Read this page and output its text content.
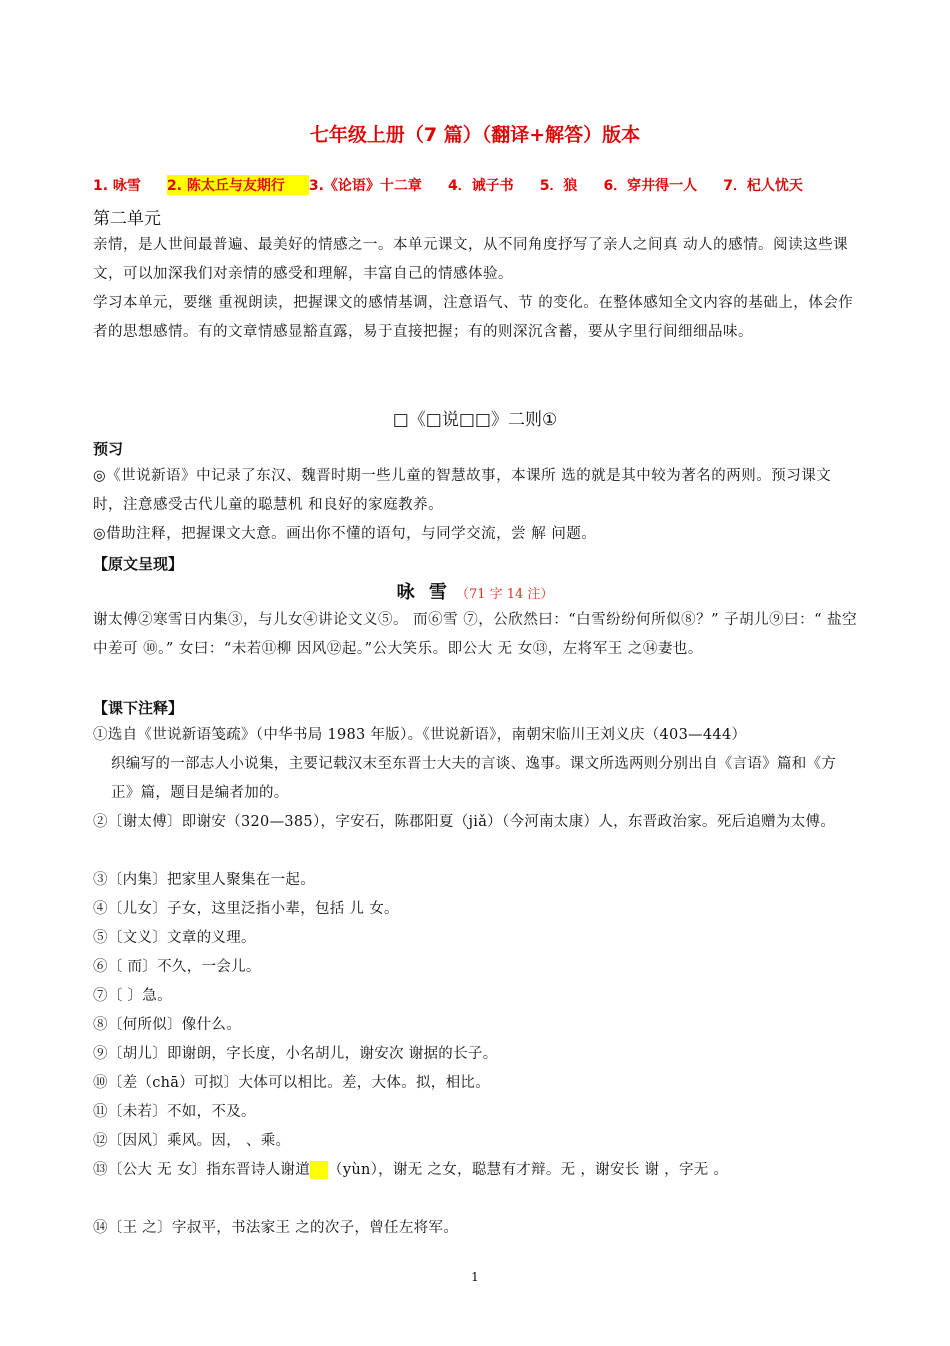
七年级上册（7 篇）（翻译+解答）版本
1. 咏雪 2. 陈太丘与友期行	3.《论语》十二章 4．诫子书 5．狼 6．穿井得一人 7．杞人忧天
第二单元
亲情，是人世间最普遍、最美好的情感之一。本单元课文，从不同角度抒写了亲人之间真 动人的感情。阅读这些课文，可以加深我们对亲情的感受和理解，丰富自己的情感体验。
学习本单元，要继 重视朗读，把握课文的感情基调，注意语气、节 的变化。在整体感知全文内容的基础上，体会作者的思想感情。有的文章情感显豁直露，易于直接把握；有的则深沉含蓄，要从字里行间细细品味。
□《□说□□》二则①
预习
◎《世说新语》中记录了东汉、魏晋时期一些儿童的智慧故事，本课所 选的就是其中较为著名的两则。预习课文时，注意感受古代儿童的聪慧机 和良好的家庭教养。
◎借助注释，把握课文大意。画出你不懂的语句，与同学交流，尝 解 问题。
【原文呈现】
咏 雪 （71 字 14 注）
谢太傅②寒雪日内集③，与儿女④讲论文义⑤。 而⑥雪 ⑦，公欣然曰：“白雪纷纷何所似⑧？” 子胡儿⑨曰：“ 盐空中差可 ⑩。” 女曰：“未若⑪柳 因风⑫起。”公大笑乐。即公大 无 女⑬，左将军王 之⑭妻也。
【课下注释】
①选自《世说新语笺疏》（中华书局 1983 年版）。《世说新语》，南朝宋临川王刘义庆（403—444）
织编写的一部志人小说集，主要记载汉末至东晋士大夫的言谈、逸事。课文所选两则分别出自《言语》篇和《方正》篇，题目是编者加的。
②〔谢太傅〕即谢安（320—385），字安石，陈郡阳夏（jiǎ）（今河南太康）人，东晋政治家。死后追赠为太傅。
③〔内集〕把家里人聚集在一起。
④〔儿女〕子女，这里泛指小辈，包括 儿 女。
⑤〔文义〕文章的义理。
⑥〔 而〕不久，一会儿。
⑦〔 〕急。
⑧〔何所似〕像什么。
⑨〔胡儿〕即谢朗，字长度，小名胡儿，谢安次 谢据的长子。
⑩〔差（chā）可拟〕大体可以相比。差，大体。拟，相比。
⑪〔未若〕不如，不及。
⑫〔因风〕乘风。因， 、乘。
⑬〔公大 无 女〕指东晋诗人谢道 （yùn），谢无 之女，聪慧有才辩。无 ，谢安长 谢 ，字无 。
⑭〔王 之〕字叔平，书法家王 之的次子，曾任左将军。
1
